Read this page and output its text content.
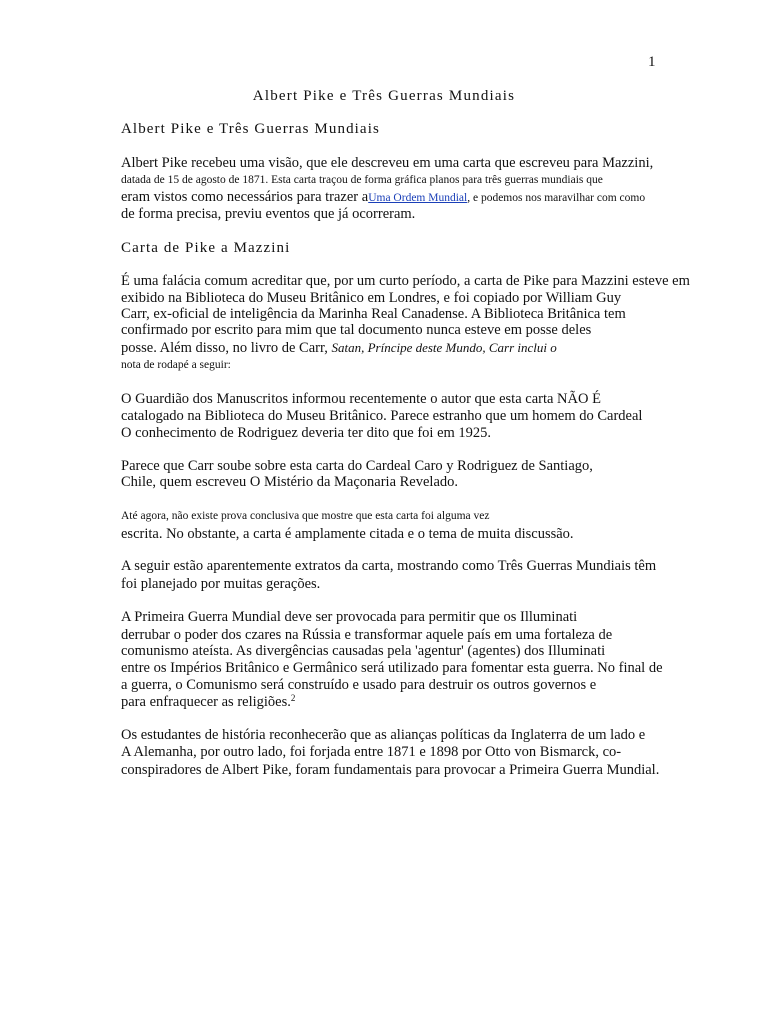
1
Albert Pike e Três Guerras Mundiais
Albert Pike e Três Guerras Mundiais
Albert Pike recebeu uma visão, que ele descreveu em uma carta que escreveu para Mazzini,
datada de 15 de agosto de 1871. Esta carta traçou de forma gráfica planos para três guerras mundiais que
eram vistos como necessários para trazer aUma Ordem Mundial, e podemos nos maravilhar com como
de forma precisa, previu eventos que já ocorreram.
Carta de Pike a Mazzini
É uma falácia comum acreditar que, por um curto período, a carta de Pike para Mazzini esteve em
exibido na Biblioteca do Museu Britânico em Londres, e foi copiado por William Guy
Carr, ex-oficial de inteligência da Marinha Real Canadense. A Biblioteca Britânica tem
confirmado por escrito para mim que tal documento nunca esteve em posse deles
posse. Além disso, no livro de Carr, Satan, Príncipe deste Mundo, Carr inclui o
nota de rodapé a seguir:
O Guardião dos Manuscritos informou recentemente o autor que esta carta NÃO É
catalogado na Biblioteca do Museu Britânico. Parece estranho que um homem do Cardeal
O conhecimento de Rodriguez deveria ter dito que foi em 1925.
Parece que Carr soube sobre esta carta do Cardeal Caro y Rodriguez de Santiago,
Chile, quem escreveu O Mistério da Maçonaria Revelado.
Até agora, não existe prova conclusiva que mostre que esta carta foi alguma vez
escrita. No obstante, a carta é amplamente citada e o tema de muita discussão.
A seguir estão aparentemente extratos da carta, mostrando como Três Guerras Mundiais têm
foi planejado por muitas gerações.
A Primeira Guerra Mundial deve ser provocada para permitir que os Illuminati
derrubar o poder dos czares na Rússia e transformar aquele país em uma fortaleza de
comunismo ateísta. As divergências causadas pela 'agentur' (agentes) dos Illuminati
entre os Impérios Britânico e Germânico será utilizado para fomentar esta guerra. No final de
a guerra, o Comunismo será construído e usado para destruir os outros governos e
para enfraquecer as religiões.$^2$
Os estudantes de história reconhecerão que as alianças políticas da Inglaterra de um lado e
A Alemanha, por outro lado, foi forjada entre 1871 e 1898 por Otto von Bismarck, co-
conspiradores de Albert Pike, foram fundamentais para provocar a Primeira Guerra Mundial.
